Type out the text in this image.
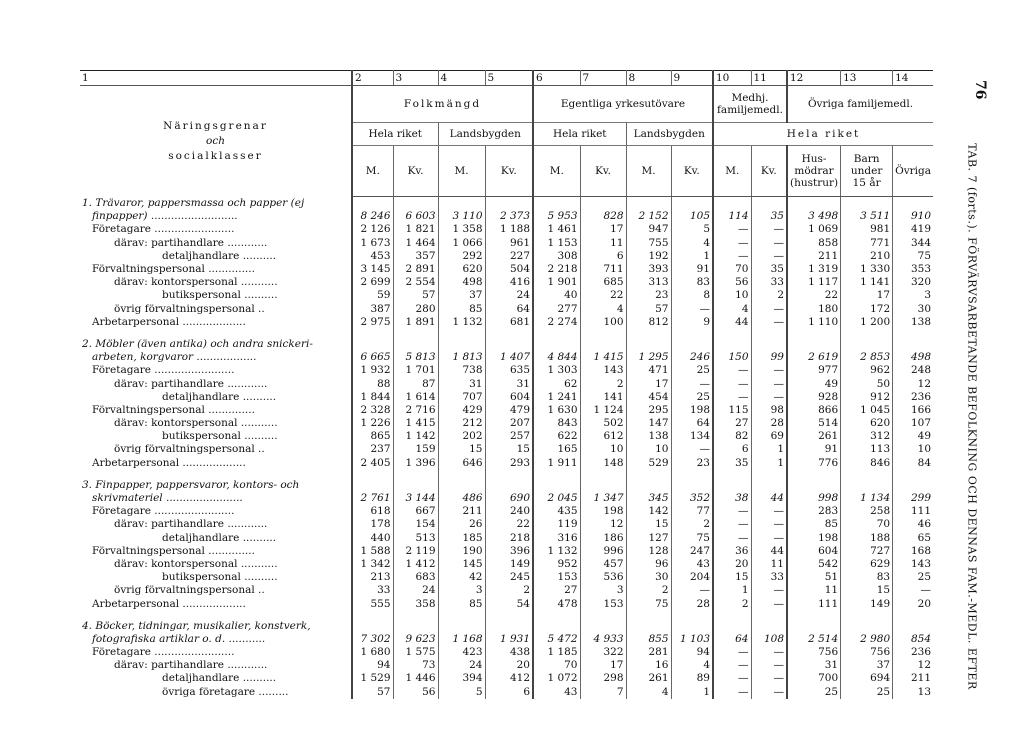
1	2	3	4	5	6	7	8	9	10	11	12	13	14

Näringsgrenar
och
socialklasser	Folkmängd				Egentliga yrkesutövare				Medhj. familjemedl.		Övriga familjemedl.		
	Hela riket		Landsbygden		Hela riket		Landsbygden		Hela riket				
	M.	Kv.	M.	Kv.	M.	Kv.	M.	Kv.	M.	Kv.	Hus-mödrar (hustrur)	Barn under 15 år	Övriga
1. Trävaror, pappersmassa och papper (ej													
finpapper) ..........................	8 246	6 603	3 110	2 373	5 953	828	2 152	105	114	35	3 498	3 511	910
Företagare ........................	2 126	1 821	1 358	1 188	1 461	17	947	5	—	—	1 069	981	419
därav: partihandlare ............	1 673	1 464	1 066	961	1 153	11	755	4	—	—	858	771	344
detaljhandlare ..........	453	357	292	227	308	6	192	1	—	—	211	210	75
Förvaltningspersonal ..............	3 145	2 891	620	504	2 218	711	393	91	70	35	1 319	1 330	353
därav: kontorspersonal ...........	2 699	2 554	498	416	1 901	685	313	83	56	33	1 117	1 141	320
butikspersonal ..........	59	57	37	24	40	22	23	8	10	2	22	17	3
övrig förvaltningspersonal ..	387	280	85	64	277	4	57	—	4	—	180	172	30
Arbetarpersonal ...................	2 975	1 891	1 132	681	2 274	100	812	9	44	—	1 110	1 200	138

2. Möbler (även antika) och andra snickeri-													
arbeten, korgvaror ..................	6 665	5 813	1 813	1 407	4 844	1 415	1 295	246	150	99	2 619	2 853	498
Företagare ........................	1 932	1 701	738	635	1 303	143	471	25	—	—	977	962	248
därav: partihandlare ............	88	87	31	31	62	2	17	—	—	—	49	50	12
detaljhandlare ..........	1 844	1 614	707	604	1 241	141	454	25	—	—	928	912	236
Förvaltningspersonal ..............	2 328	2 716	429	479	1 630	1 124	295	198	115	98	866	1 045	166
därav: kontorspersonal ...........	1 226	1 415	212	207	843	502	147	64	27	28	514	620	107
butikspersonal ..........	865	1 142	202	257	622	612	138	134	82	69	261	312	49
övrig förvaltningspersonal ..	237	159	15	15	165	10	10	—	6	1	91	113	10
Arbetarpersonal ...................	2 405	1 396	646	293	1 911	148	529	23	35	1	776	846	84

3. Finpapper, pappersvaror, kontors- och													
skrivmateriel .......................	2 761	3 144	486	690	2 045	1 347	345	352	38	44	998	1 134	299
Företagare ........................	618	667	211	240	435	198	142	77	—	—	283	258	111
därav: partihandlare ............	178	154	26	22	119	12	15	2	—	—	85	70	46
detaljhandlare ..........	440	513	185	218	316	186	127	75	—	—	198	188	65
Förvaltningspersonal ..............	1 588	2 119	190	396	1 132	996	128	247	36	44	604	727	168
därav: kontorspersonal ...........	1 342	1 412	145	149	952	457	96	43	20	11	542	629	143
butikspersonal ..........	213	683	42	245	153	536	30	204	15	33	51	83	25
övrig förvaltningspersonal ..	33	24	3	2	27	3	2	—	1	—	11	15	—
Arbetarpersonal ...................	555	358	85	54	478	153	75	28	2	—	111	149	20

4. Böcker, tidningar, musikalier, konstverk,													
fotografiska artiklar o. d. ...........	7 302	9 623	1 168	1 931	5 472	4 933	855	1 103	64	108	2 514	2 980	854
Företagare ........................	1 680	1 575	423	438	1 185	322	281	94	—	—	756	756	236
därav: partihandlare ............	94	73	24	20	70	17	16	4	—	—	31	37	12
detaljhandlare ..........	1 529	1 446	394	412	1 072	298	261	89	—	—	700	694	211
övriga företagare .........	57	56	5	6	43	7	4	1	—	—	25	25	13
76
TAB. 7 (forts.). FÖRVÄRVSARBETANDE BEFOLKNING OCH DENNAS FAM.-MEDL. EFTER
